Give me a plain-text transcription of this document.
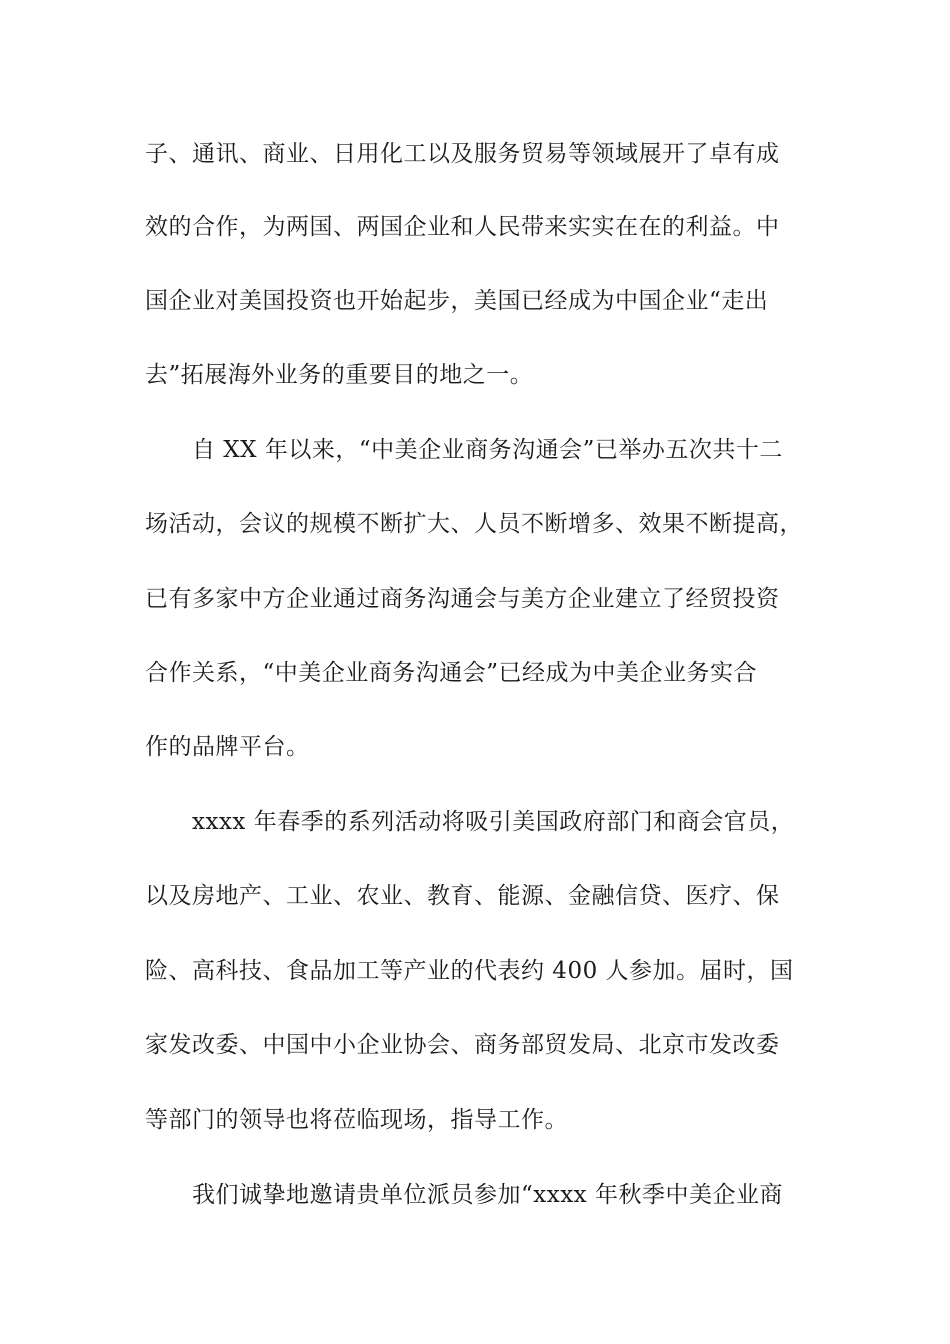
子、通讯、商业、日用化工以及服务贸易等领域展开了卓有成
效的合作，为两国、两国企业和人民带来实实在在的利益。中
国企业对美国投资也开始起步，美国已经成为中国企业“走出
去”拓展海外业务的重要目的地之一。
自 XX 年以来，“中美企业商务沟通会”已举办五次共十二
场活动，会议的规模不断扩大、人员不断增多、效果不断提高，
已有多家中方企业通过商务沟通会与美方企业建立了经贸投资
合作关系，“中美企业商务沟通会”已经成为中美企业务实合
作的品牌平台。
xxxx 年春季的系列活动将吸引美国政府部门和商会官员，
以及房地产、工业、农业、教育、能源、金融信贷、医疗、保
险、高科技、食品加工等产业的代表约 400 人参加。届时，国
家发改委、中国中小企业协会、商务部贸发局、北京市发改委
等部门的领导也将莅临现场，指导工作。
我们诚挚地邀请贵单位派员参加“xxxx 年秋季中美企业商
